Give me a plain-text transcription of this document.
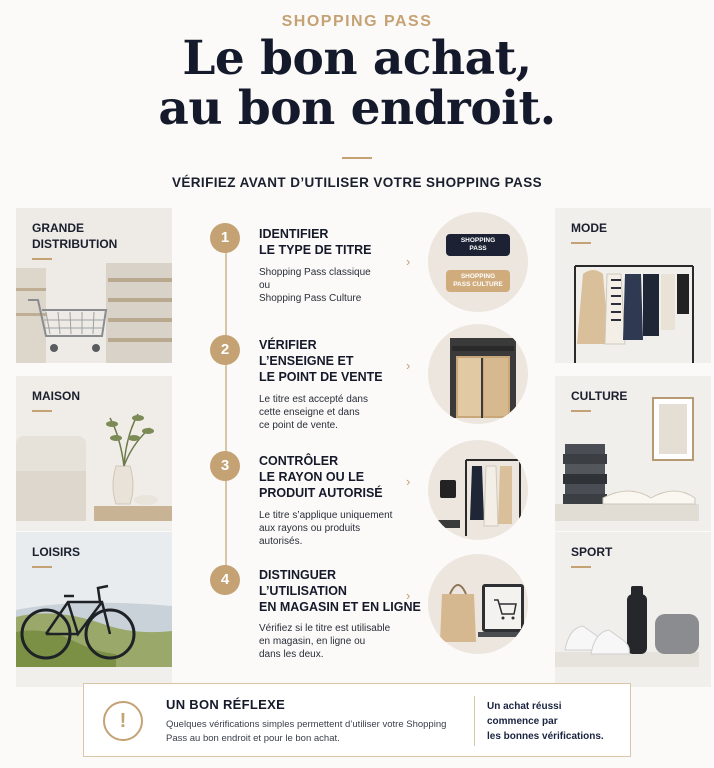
SHOPPING PASS
Le bon achat,
au bon endroit.
VÉRIFIEZ AVANT D’UTILISER VOTRE SHOPPING PASS
GRANDE
DISTRIBUTION
MAISON
LOISIRS
MODE
CULTURE
SPORT
1	IDENTIFIER
LE TYPE DE TITRE
Shopping Pass classique
ou
Shopping Pass Culture
›
SHOPPING
PASS
SHOPPING
PASS CULTURE
2	VÉRIFIER
L’ENSEIGNE ET
LE POINT DE VENTE
Le titre est accepté dans
cette enseigne et dans
ce point de vente.
›
3	CONTRÔLER
LE RAYON OU LE
PRODUIT AUTORISÉ
Le titre s’applique uniquement
aux rayons ou produits
autorisés.
›
4	DISTINGUER
L’UTILISATION
EN MAGASIN ET EN LIGNE
Vérifiez si le titre est utilisable
en magasin, en ligne ou
dans les deux.
›
!
UN BON RÉFLEXE
Quelques vérifications simples permettent d’utiliser votre Shopping Pass au bon endroit et pour le bon achat.
Un achat réussi
commence par
les bonnes vérifications.
